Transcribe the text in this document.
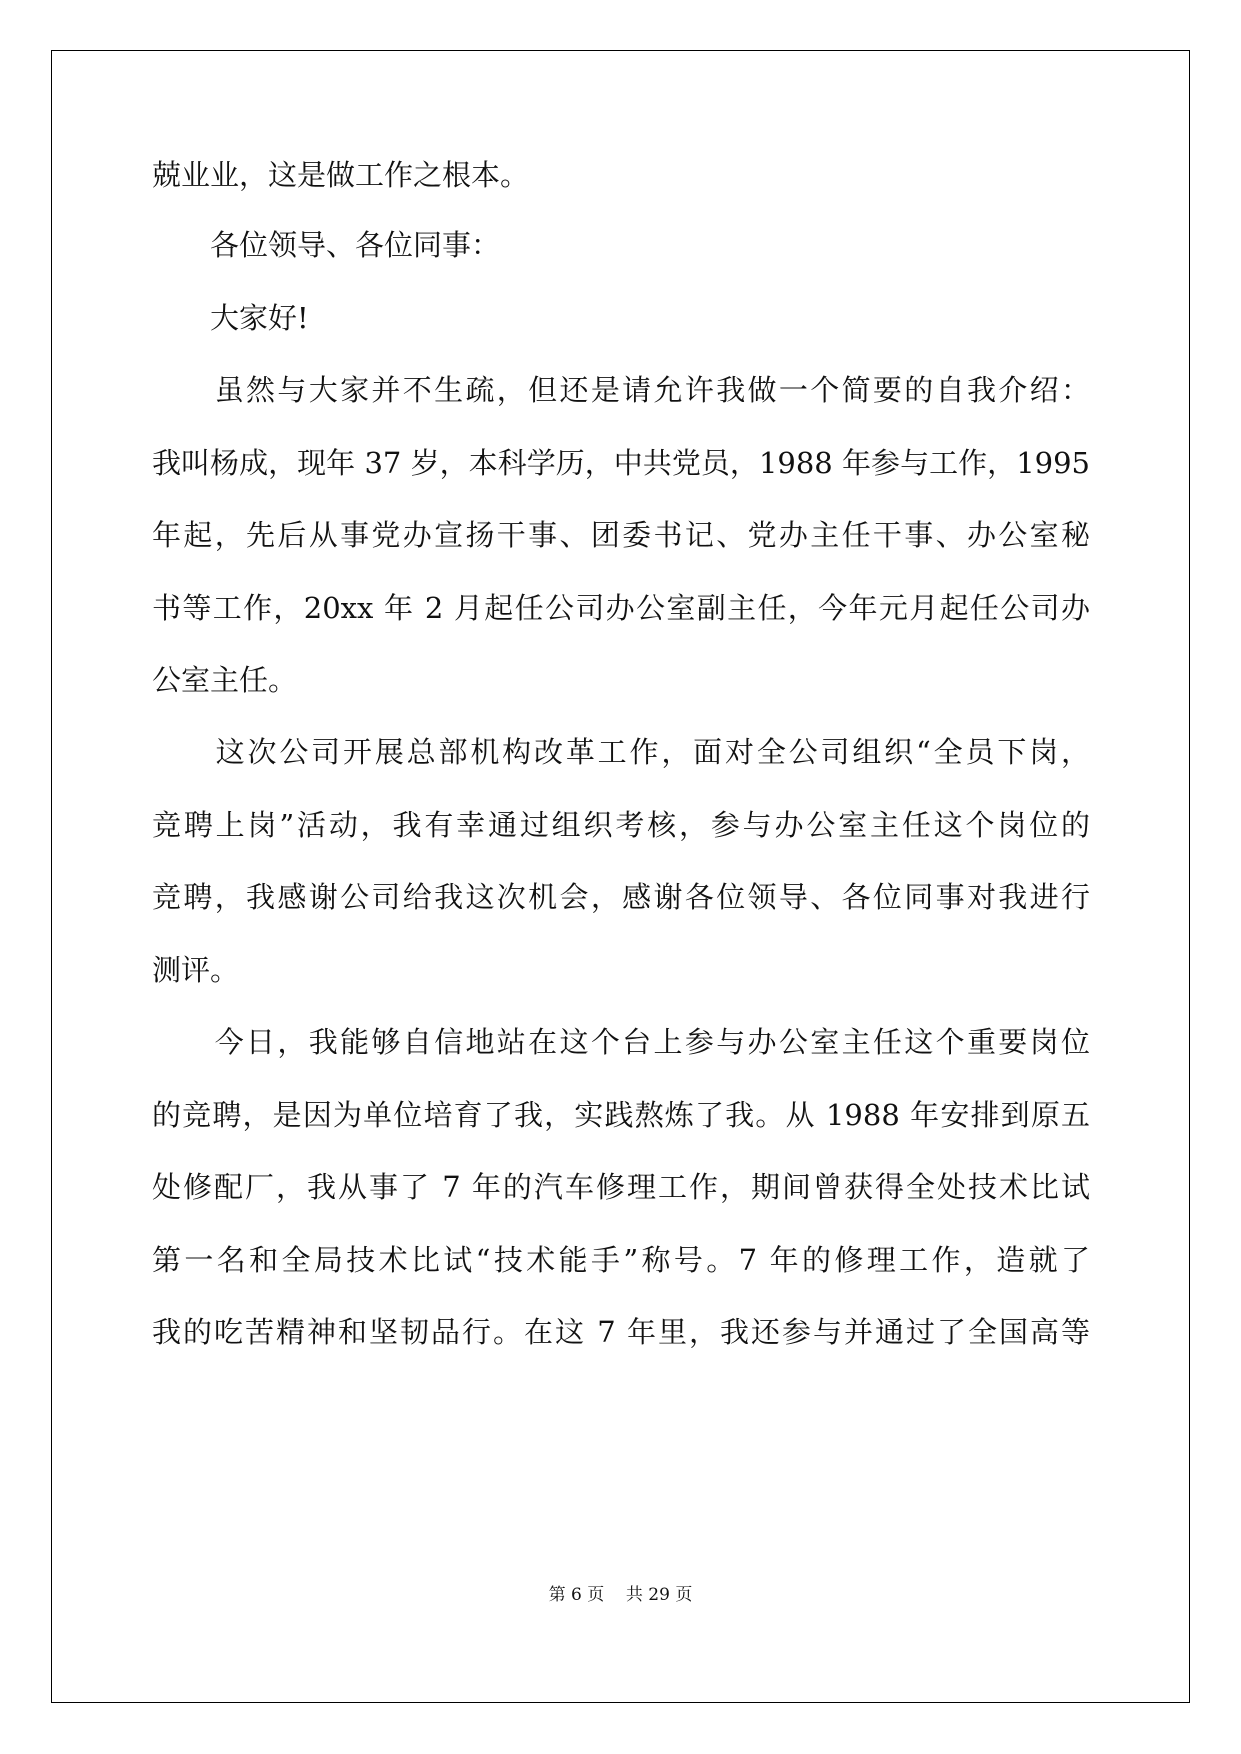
兢业业，这是做工作之根本。

　　各位领导、各位同事：

　　大家好!

　　虽然与大家并不生疏，但还是请允许我做一个简要的自我介绍：

我叫杨成，现年 37 岁，本科学历，中共党员，1988 年参与工作，1995

年起，先后从事党办宣扬干事、团委书记、党办主任干事、办公室秘

书等工作，20xx 年 2 月起任公司办公室副主任，今年元月起任公司办

公室主任。

　　这次公司开展总部机构改革工作，面对全公司组织“全员下岗，

竞聘上岗”活动，我有幸通过组织考核，参与办公室主任这个岗位的

竞聘，我感谢公司给我这次机会，感谢各位领导、各位同事对我进行

测评。

　　今日，我能够自信地站在这个台上参与办公室主任这个重要岗位

的竞聘，是因为单位培育了我，实践熬炼了我。从 1988 年安排到原五

处修配厂，我从事了 7 年的汽车修理工作，期间曾获得全处技术比试

第一名和全局技术比试“技术能手”称号。7 年的修理工作，造就了

我的吃苦精神和坚韧品行。在这 7 年里，我还参与并通过了全国高等

第 6 页 共 29 页
